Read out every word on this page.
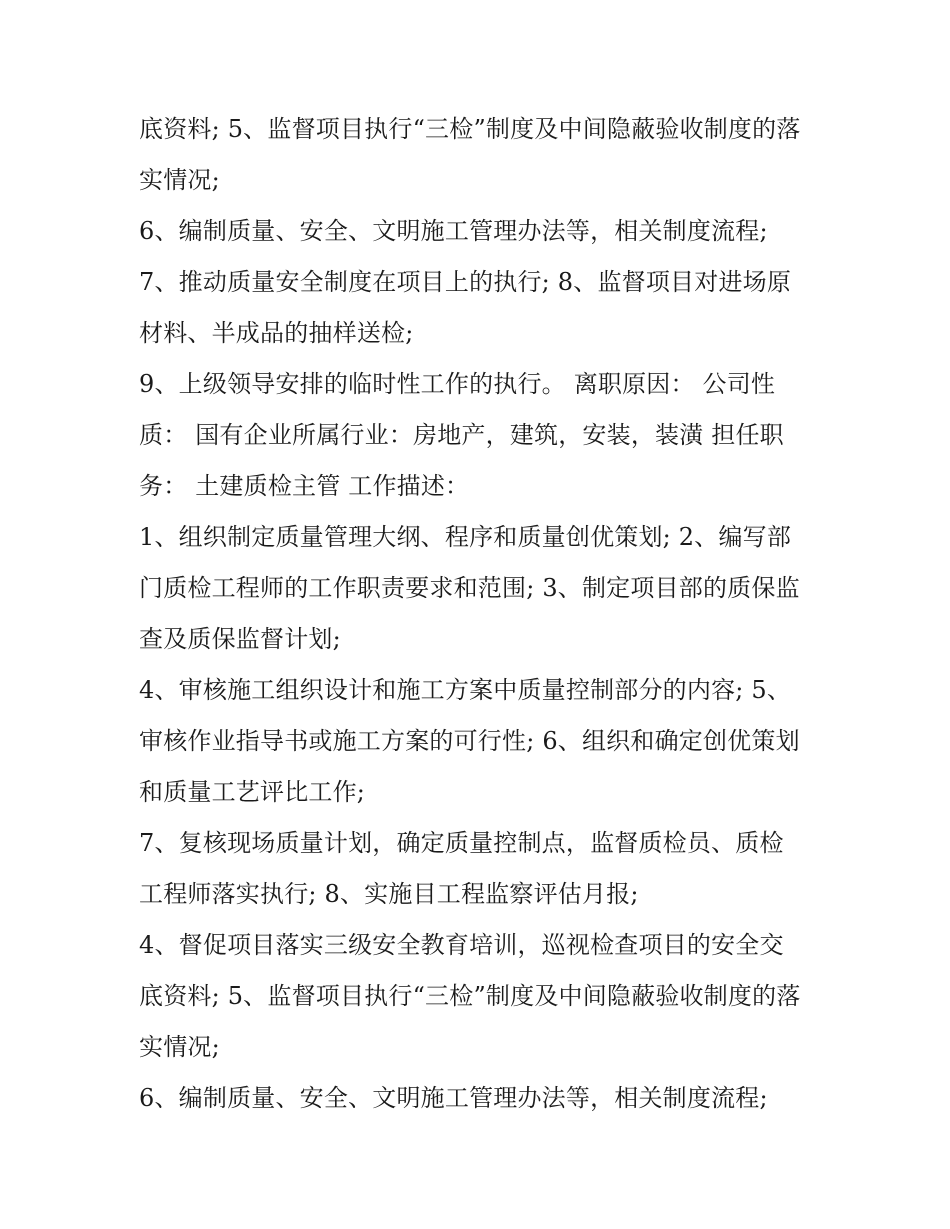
底资料; 5、监督项目执行“三检”制度及中间隐蔽验收制度的落
实情况;
6、编制质量、安全、文明施工管理办法等，相关制度流程;
7、推动质量安全制度在项目上的执行; 8、监督项目对进场原
材料、半成品的抽样送检;
9、上级领导安排的临时性工作的执行。 离职原因： 公司性
质： 国有企业所属行业：房地产，建筑，安装，装潢 担任职
务： 土建质检主管 工作描述：
1、组织制定质量管理大纲、程序和质量创优策划; 2、编写部
门质检工程师的工作职责要求和范围; 3、制定项目部的质保监
查及质保监督计划;
4、审核施工组织设计和施工方案中质量控制部分的内容; 5、
审核作业指导书或施工方案的可行性; 6、组织和确定创优策划
和质量工艺评比工作;
7、复核现场质量计划，确定质量控制点，监督质检员、质检
工程师落实执行; 8、实施目工程监察评估月报;
4、督促项目落实三级安全教育培训，巡视检查项目的安全交
底资料; 5、监督项目执行“三检”制度及中间隐蔽验收制度的落
实情况;
6、编制质量、安全、文明施工管理办法等，相关制度流程;
